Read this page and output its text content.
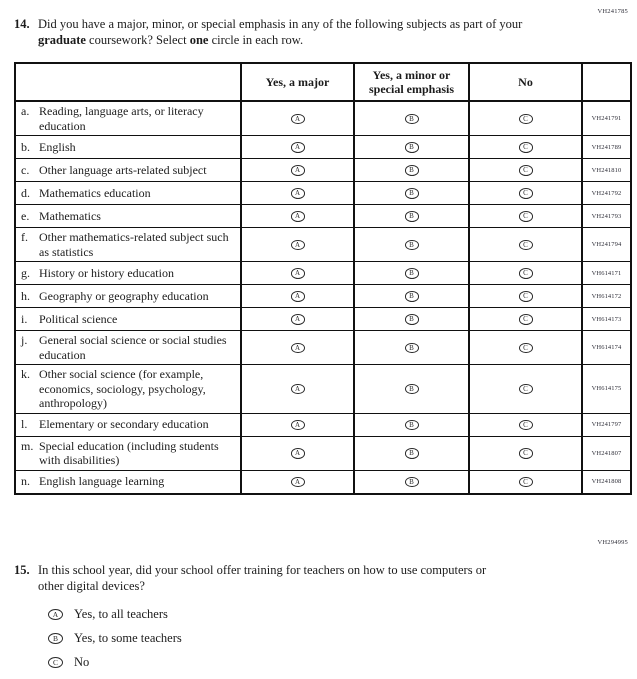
VH241785
14. Did you have a major, minor, or special emphasis in any of the following subjects as part of your graduate coursework? Select one circle in each row.
	Yes, a major	Yes, a minor or special emphasis	No	

a. Reading, language arts, or literacy education	A	B	C	VH241791

b. English	A	B	C	VH241789

c. Other language arts-related subject	A	B	C	VH241810

d. Mathematics education	A	B	C	VH241792

e. Mathematics	A	B	C	VH241793

f. Other mathematics-related subject such as statistics	A	B	C	VH241794

g. History or history education	A	B	C	VH614171

h. Geography or geography education	A	B	C	VH614172

i. Political science	A	B	C	VH614173

j. General social science or social studies education	A	B	C	VH614174

k. Other social science (for example, economics, sociology, psychology, anthropology)	A	B	C	VH614175

l. Elementary or secondary education	A	B	C	VH241797

m. Special education (including students with disabilities)	A	B	C	VH241807

n. English language learning	A	B	C	VH241808
VH294995
15. In this school year, did your school offer training for teachers on how to use computers or other digital devices?
A	Yes, to all teachers
B	Yes, to some teachers
C	No
